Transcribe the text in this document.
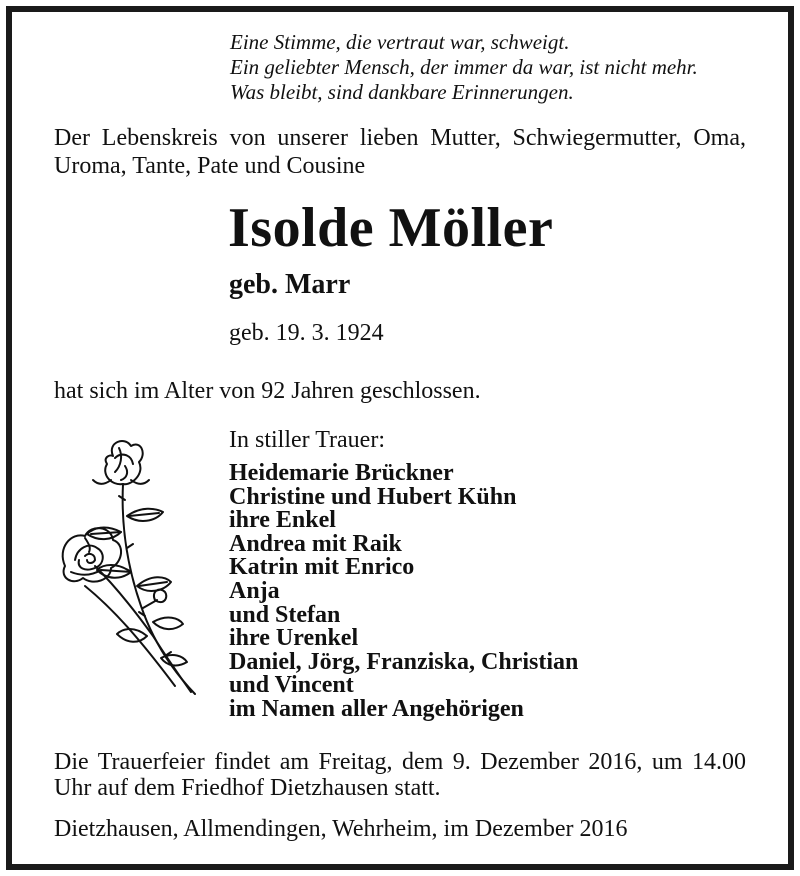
Eine Stimme, die vertraut war, schweigt.
Ein geliebter Mensch, der immer da war, ist nicht mehr.
Was bleibt, sind dankbare Erinnerungen.
Der Lebenskreis von unserer lieben Mutter, Schwiegermutter, Oma, Uroma, Tante, Pate und Cousine
Isolde Möller
geb. Marr
geb. 19. 3. 1924
hat sich im Alter von 92 Jahren geschlossen.
In stiller Trauer:
Heidemarie Brückner
Christine und Hubert Kühn
ihre Enkel
Andrea mit Raik
Katrin mit Enrico
Anja
und Stefan
ihre Urenkel
Daniel, Jörg, Franziska, Christian
und Vincent
im Namen aller Angehörigen
Die Trauerfeier findet am Freitag, dem 9. Dezember 2016, um 14.00 Uhr auf dem Friedhof Dietzhausen statt.
Dietzhausen, Allmendingen, Wehrheim, im Dezember 2016
